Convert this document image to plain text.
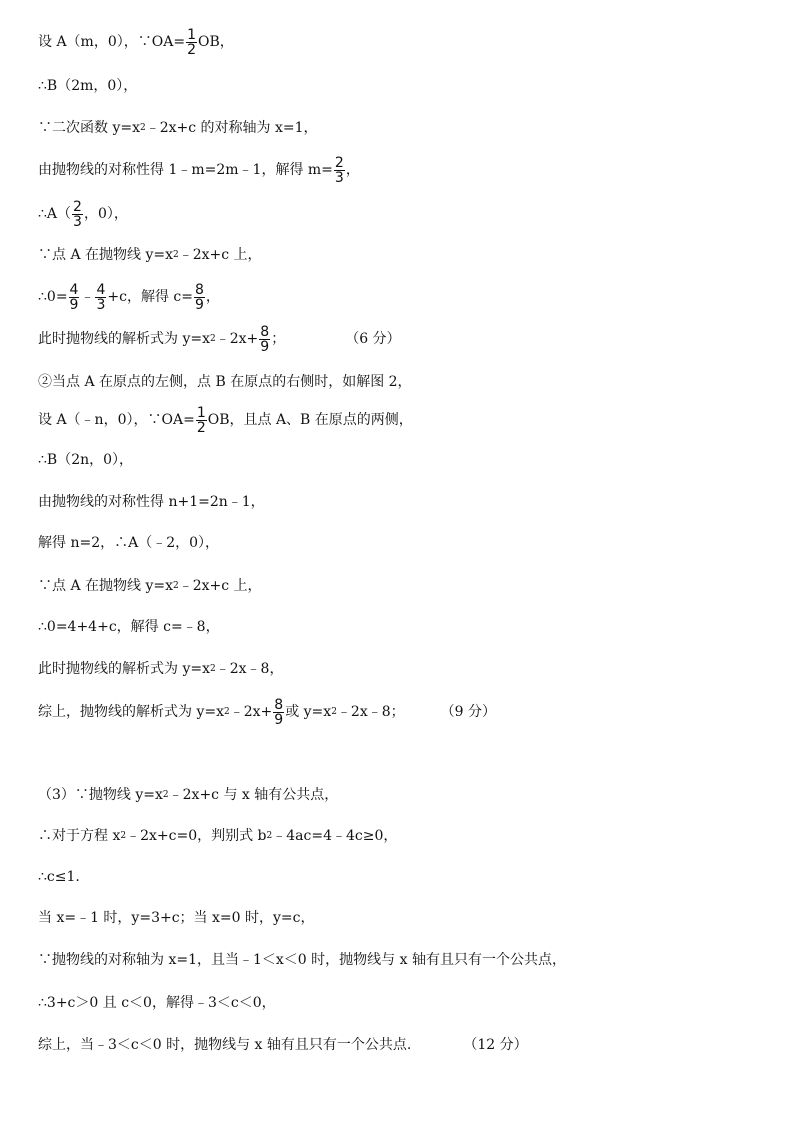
设 A（m，0），∵OA= $\frac{1}{2}$ OB，
∴B（2m，0），
∵二次函数 y=x 2 ﹣2x+c 的对称轴为 x=1，
由抛物线的对称性得 1﹣m=2m﹣1，解得 $m= \frac{2}{3}$ ，
∴A（ $\frac{2}{3}$ ，0），
∵点 A 在抛物线 y=x 2 ﹣2x+c 上，
∴0= $\frac{4}{9}$ ﹣ $\frac{4}{3} +c$，解得 $c= \frac{8}{9}$ ，
此时抛物线的解析式为 y=x 2 ﹣2x+ $\frac{8}{9}$ ；	（6 分）
②当点 A 在原点的左侧，点 B 在原点的右侧时，如解图 2，
设 A（﹣n，0），∵OA= $\frac{1}{2}$ OB，且点 A、B 在原点的两侧，
∴B（2n，0），
由抛物线的对称性得 n+1=2n﹣1，
解得 n=2，∴A（﹣2，0），
∵点 A 在抛物线 y=x 2 ﹣2x+c 上，
∴0=4+4+c，解得 c=﹣8，
此时抛物线的解析式为 y=x 2 ﹣2x﹣8，
综上，抛物线的解析式为 y=x 2 ﹣2x+ $\frac{8}{9}$ 或 y=x 2 ﹣2x﹣8；	（9 分）
（3）∵抛物线 y=x 2 ﹣2x+c 与 x 轴有公共点，
∴对于方程 x 2 ﹣2x+c=0，判别式 b 2 ﹣4ac=4﹣4c≥0，
∴c≤1.
当 x=﹣1 时，y=3+c；当 x=0 时，y=c，
∵抛物线的对称轴为 x=1，且当﹣1＜x＜0 时，抛物线与 x 轴有且只有一个公共点，
∴3+c＞0 且 c＜0，解得﹣3＜c＜0，
综上，当﹣3＜c＜0 时，抛物线与 x 轴有且只有一个公共点.	（12 分）
